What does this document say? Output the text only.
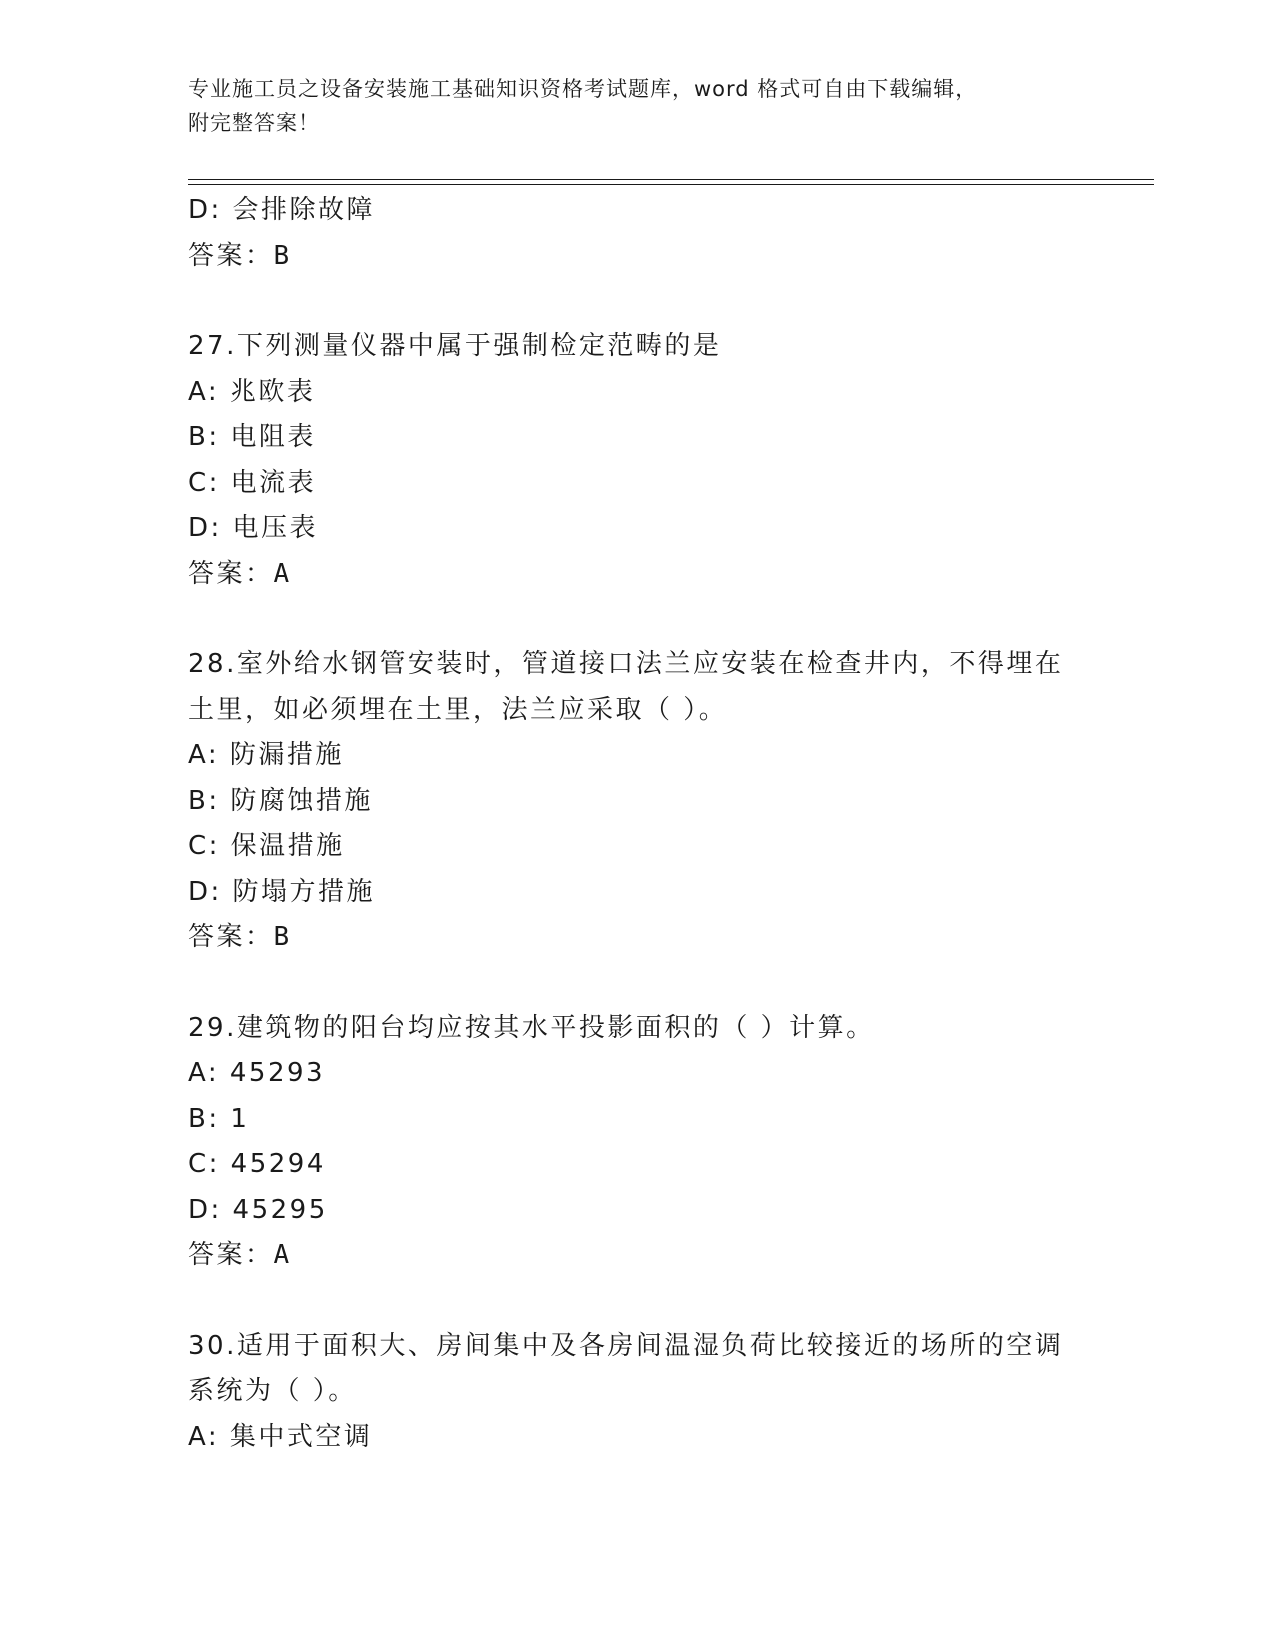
专业施工员之设备安装施工基础知识资格考试题库，word 格式可自由下载编辑，
附完整答案！
D: 会排除故障
答案：B
27.下列测量仪器中属于强制检定范畴的是
A: 兆欧表
B: 电阻表
C: 电流表
D: 电压表
答案：A
28.室外给水钢管安装时，管道接口法兰应安装在检查井内，不得埋在
土里，如必须埋在土里，法兰应采取（ ）。
A: 防漏措施
B: 防腐蚀措施
C: 保温措施
D: 防塌方措施
答案：B
29.建筑物的阳台均应按其水平投影面积的（ ）计算。
A: 45293
B: 1
C: 45294
D: 45295
答案：A
30.适用于面积大、房间集中及各房间温湿负荷比较接近的场所的空调
系统为（ ）。
A: 集中式空调
